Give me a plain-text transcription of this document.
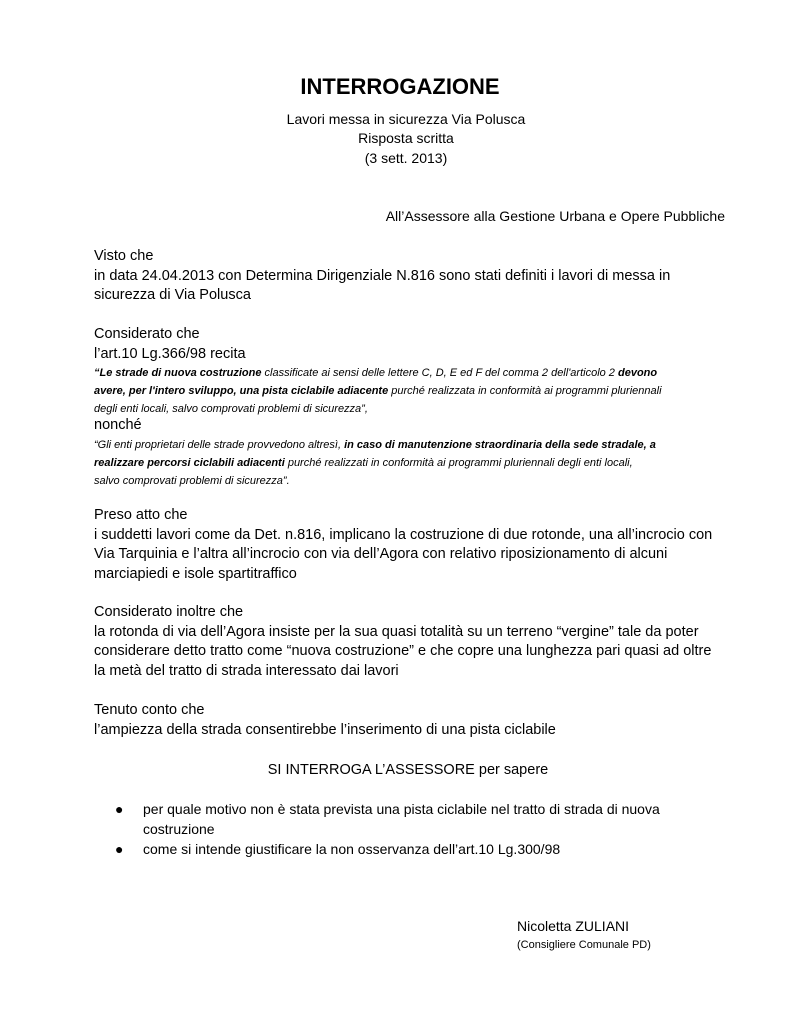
INTERROGAZIONE
Lavori messa in sicurezza Via Polusca
Risposta scritta
(3 sett. 2013)
All’Assessore alla Gestione Urbana e Opere Pubbliche
Visto che
in data 24.04.2013 con Determina Dirigenziale N.816 sono stati definiti i lavori di messa in
sicurezza di Via Polusca
Considerato che
l’art.10 Lg.366/98 recita
“Le strade di nuova costruzione classificate ai sensi delle lettere C, D, E ed F del comma 2 dell'articolo 2 devono
avere, per l'intero sviluppo, una pista ciclabile adiacente purché realizzata in conformità ai programmi pluriennali
degli enti locali, salvo comprovati problemi di sicurezza”,
nonché
“Gli enti proprietari delle strade provvedono altresì, in caso di manutenzione straordinaria della sede stradale, a
realizzare percorsi ciclabili adiacenti purché realizzati in conformità ai programmi pluriennali degli enti locali,
salvo comprovati problemi di sicurezza”.
Preso atto che
i suddetti lavori come da Det. n.816, implicano la costruzione di due rotonde, una all’incrocio con
Via Tarquinia e l’altra all’incrocio con via dell’Agora con relativo riposizionamento di alcuni
marciapiedi e isole spartitraffico
Considerato inoltre che
la rotonda di via dell’Agora insiste per la sua quasi totalità su un terreno “vergine” tale da poter
considerare detto tratto come “nuova costruzione” e che copre una lunghezza pari quasi ad oltre
la metà del tratto di strada interessato dai lavori
Tenuto conto che
l’ampiezza della strada consentirebbe l’inserimento di una pista ciclabile
SI INTERROGA L’ASSESSORE per sapere
● per quale motivo non è stata prevista una pista ciclabile nel tratto di strada di nuova
costruzione
● come si intende giustificare la non osservanza dell’art.10 Lg.300/98
Nicoletta ZULIANI
(Consigliere Comunale PD)
